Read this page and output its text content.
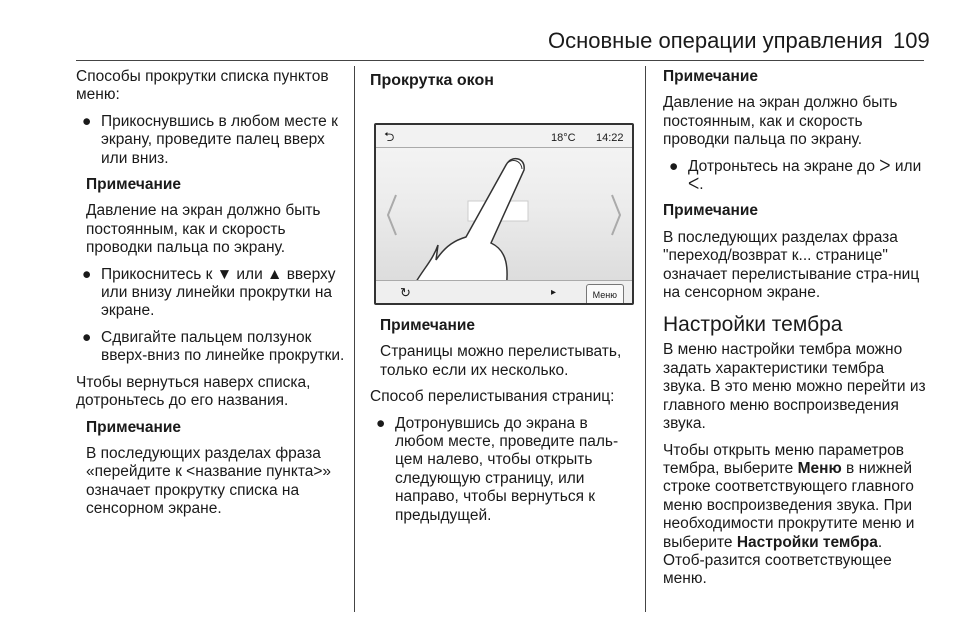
Основные операции управления 109

Способы прокрутки списка пунктов меню:

● Прикоснувшись в любом месте к экрану, проведите палец вверх или вниз.

Примечание

Давление на экран должно быть постоянным, как и скорость проводки пальца по экрану.

● Прикоснитесь к ▼ или ▲ вверху или внизу линейки прокрутки на экране.
● Сдвигайте пальцем ползунок вверх-вниз по линейке прокрутки.

Чтобы вернуться наверх списка, дотроньтесь до его названия.

Примечание

В последующих разделах фраза «перейдите к <название пункта>» означает прокрутку списка на сенсорном экране.

Прокрутка окон
⮌	18°C 14:22
↻	▸	Меню

Примечание

Страницы можно перелистывать, только если их несколько.

Способ перелистывания страниц:

● Дотронувшись до экрана в любом месте, проведите паль-цем налево, чтобы открыть следующую страницу, или направо, чтобы вернуться к предыдущей.

Примечание

Давление на экран должно быть постоянным, как и скорость проводки пальца по экрану.

● Дотроньтесь на экране до ᐳ или ᐸ.

Примечание

В последующих разделах фраза "переход/возврат к... странице" означает перелистывание стра-ниц на сенсорном экране.

Настройки тембра

В меню настройки тембра можно задать характеристики тембра звука. В это меню можно перейти из главного меню воспроизведения звука.

Чтобы открыть меню параметров тембра, выберите Меню в нижней строке соответствующего главного меню воспроизведения звука. При необходимости прокрутите меню и выберите Настройки тембра. Отоб-разится соответствующее меню.
